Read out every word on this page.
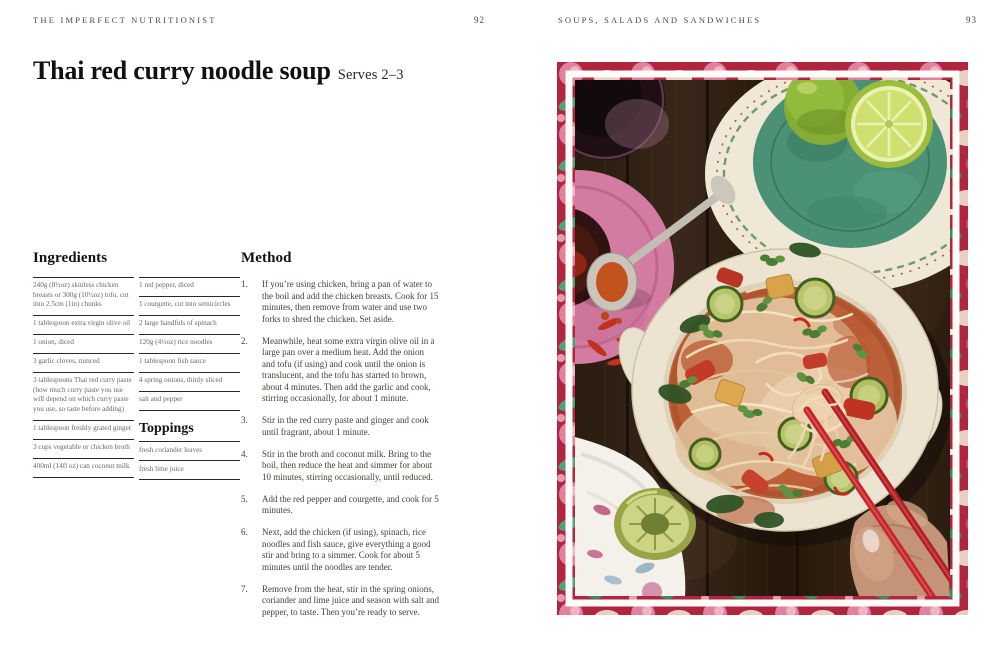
THE IMPERFECT NUTRITIONIST	92	SOUPS, SALADS AND SANDWICHES	93
Thai red curry noodle soup Serves 2–3
Ingredients
240g (8½oz) skinless chicken breasts or 300g (10½oz) tofu, cut into 2.5cm (1in) chunks
1 tablespoon extra virgin olive oil
1 onion, diced
3 garlic cloves, minced
3 tablespoons Thai red curry paste (how much curry paste you use will depend on which curry paste you use, so taste before adding)
1 tablespoon freshly grated ginger
3 cups vegetable or chicken broth
400ml (14fl oz) can coconut milk
1 red pepper, diced
1 courgette, cut into semicircles
2 large handfuls of spinach
120g (4½oz) rice noodles
1 tablespoon fish sauce
4 spring onions, thinly sliced
salt and pepper
Toppings
fresh coriander leaves
fresh lime juice
Method
1.	If you’re using chicken, bring a pan of water to the boil and add the chicken breasts. Cook for 15 minutes, then remove from water and use two forks to shred the chicken. Set aside.
2.	Meanwhile, heat some extra virgin olive oil in a large pan over a medium heat. Add the onion and tofu (if using) and cook until the onion is translucent, and the tofu has started to brown, about 4 minutes. Then add the garlic and cook, stirring occasionally, for about 1 minute.
3.	Stir in the red curry paste and ginger and cook until fragrant, about 1 minute.
4.	Stir in the broth and coconut milk. Bring to the boil, then reduce the heat and simmer for about 10 minutes, stirring occasionally, until reduced.
5.	Add the red pepper and courgette, and cook for 5 minutes.
6.	Next, add the chicken (if using), spinach, rice noodles and fish sauce, give everything a good stir and bring to a simmer. Cook for about 5 minutes until the noodles are tender.
7.	Remove from the heat, stir in the spring onions, coriander and lime juice and season with salt and pepper, to taste. Then you’re ready to serve.
